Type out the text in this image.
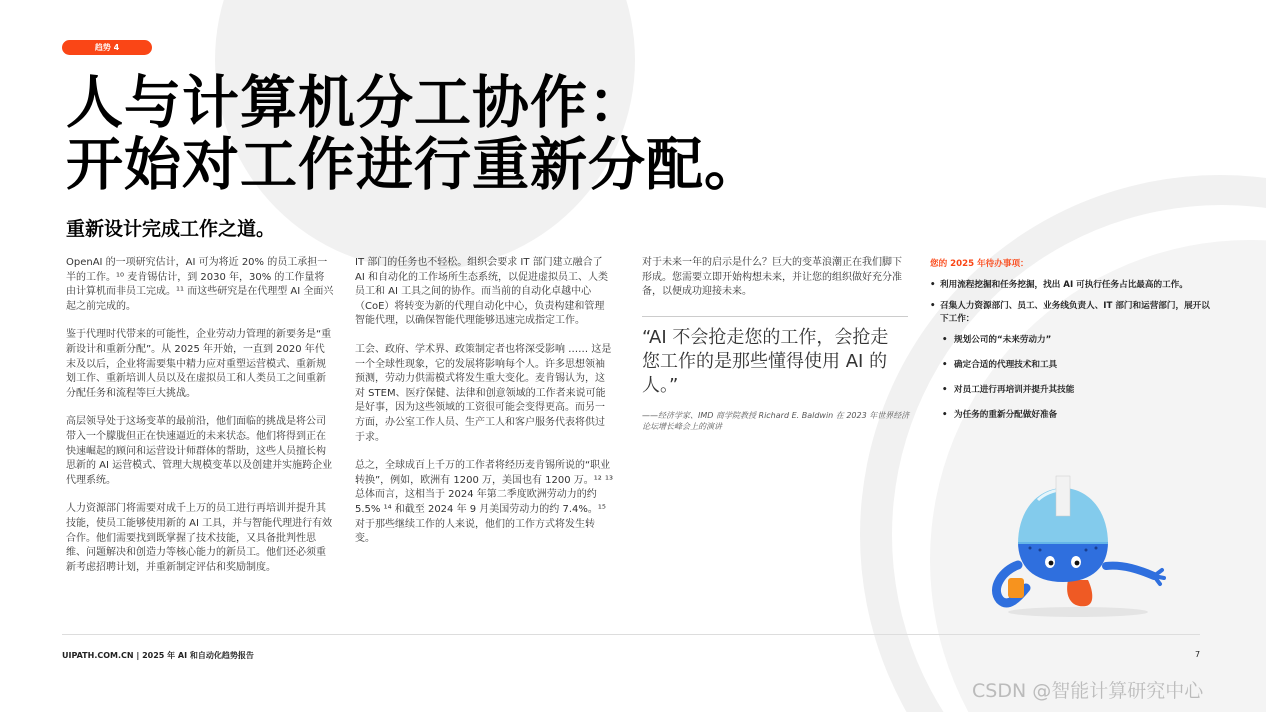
趋势 4
人与计算机分工协作：
开始对工作进行重新分配。
重新设计完成工作之道。

OpenAI 的一项研究估计，AI 可为将近 20% 的员工承担一半的工作。¹⁰ 麦肯锡估计，到 2030 年，30% 的工作量将由计算机而非员工完成。¹¹ 而这些研究是在代理型 AI 全面兴起之前完成的。

鉴于代理时代带来的可能性，企业劳动力管理的新要务是“重新设计和重新分配”。从 2025 年开始，一直到 2020 年代末及以后，企业将需要集中精力应对重塑运营模式、重新规划工作、重新培训人员以及在虚拟员工和人类员工之间重新分配任务和流程等巨大挑战。

高层领导处于这场变革的最前沿，他们面临的挑战是将公司带入一个朦胧但正在快速逼近的未来状态。他们将得到正在快速崛起的顾问和运营设计师群体的帮助，这些人员擅长构思新的 AI 运营模式、管理大规模变革以及创建并实施跨企业代理系统。

人力资源部门将需要对成千上万的员工进行再培训并提升其技能，使员工能够使用新的 AI 工具，并与智能代理进行有效合作。他们需要找到既掌握了技术技能，又具备批判性思维、问题解决和创造力等核心能力的新员工。他们还必须重新考虑招聘计划，并重新制定评估和奖励制度。

IT 部门的任务也不轻松。组织会要求 IT 部门建立融合了 AI 和自动化的工作场所生态系统，以促进虚拟员工、人类员工和 AI 工具之间的协作。而当前的自动化卓越中心（CoE）将转变为新的代理自动化中心，负责构建和管理智能代理，以确保智能代理能够迅速完成指定工作。

工会、政府、学术界、政策制定者也将深受影响 …… 这是一个全球性现象，它的发展将影响每个人。许多思想领袖预测，劳动力供需模式将发生重大变化。麦肯锡认为，这对 STEM、医疗保健、法律和创意领域的工作者来说可能是好事，因为这些领域的工资很可能会变得更高。而另一方面，办公室工作人员、生产工人和客户服务代表将供过于求。

总之，全球成百上千万的工作者将经历麦肯锡所说的“职业转换”，例如，欧洲有 1200 万，美国也有 1200 万。¹² ¹³ 总体而言，这相当于 2024 年第二季度欧洲劳动力的约 5.5% ¹⁴ 和截至 2024 年 9 月美国劳动力的约 7.4%。¹⁵ 对于那些继续工作的人来说，他们的工作方式将发生转变。

对于未来一年的启示是什么？巨大的变革浪潮正在我们脚下形成。您需要立即开始构想未来，并让您的组织做好充分准备，以便成功迎接未来。

“AI 不会抢走您的工作，会抢走您工作的是那些懂得使用 AI 的人。”

——经济学家、IMD 商学院教授 Richard E. Baldwin 在 2023 年世界经济论坛增长峰会上的演讲
您的 2025 年待办事项：
• 利用流程挖掘和任务挖掘，找出 AI 可执行任务占比最高的工作。
• 召集人力资源部门、员工、业务线负责人、IT 部门和运营部门，展开以下工作：
• 规划公司的“未来劳动力”
• 确定合适的代理技术和工具
• 对员工进行再培训并提升其技能
• 为任务的重新分配做好准备
UIPATH.COM.CN | 2025 年 AI 和自动化趋势报告	7
CSDN @智能计算研究中心
